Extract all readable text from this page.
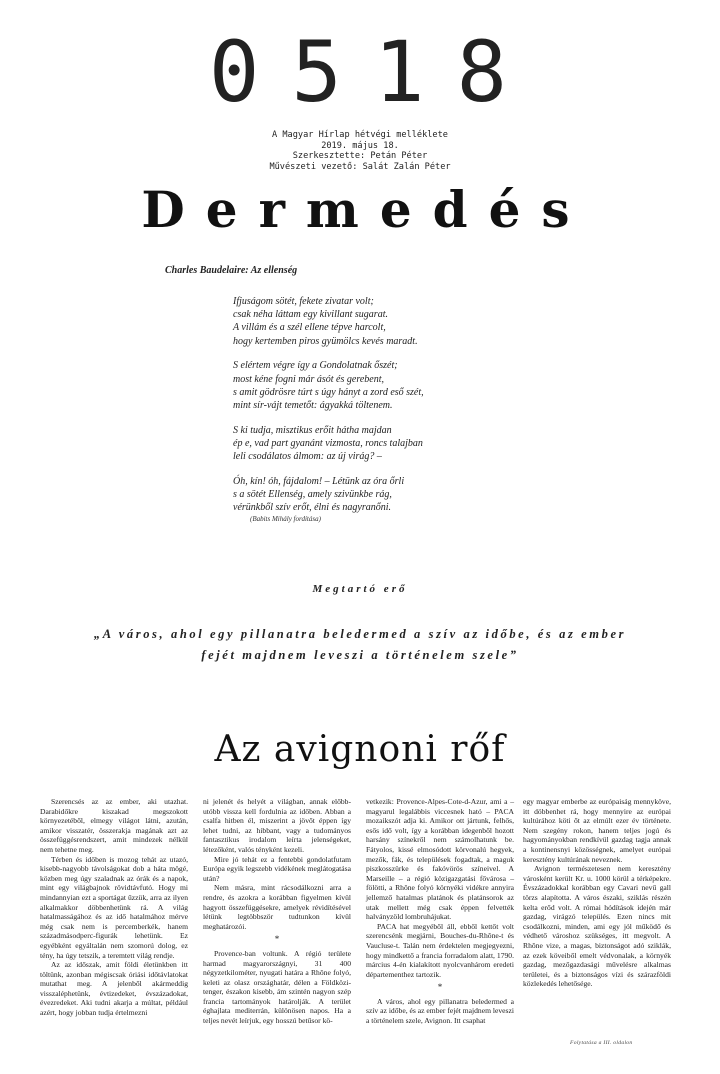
0518
A Magyar Hírlap hétvégi melléklete
2019. május 18.
Szerkesztette: Petán Péter
Művészeti vezető: Salát Zalán Péter
Dermedés
Charles Baudelaire: Az ellenség
Ifjuságom sötét, fekete zivatar volt;
csak néha láttam egy kivillant sugarat.
A villám és a szél ellene tépve harcolt,
hogy kertemben piros gyümölcs kevés maradt.
S elértem végre így a Gondolatnak őszét;
most kéne fogni már ásót és gerebent,
s amit gödrösre túrt s úgy hányt a zord eső szét,
mint sír-vájt temetőt: ágyakká töltenem.
S ki tudja, misztikus erőit hátha majdan
ép e, vad part gyanánt vizmosta, roncs talajban
leli csodálatos álmom: az új virág? –
Óh, kín! óh, fájdalom! – Létünk az óra őrli
s a sötét Ellenség, amely szivünkbe rág,
vérünkből szív erőt, élni és nagyranőni.
(Babits Mihály fordítása)
Megtartó erő
„A város, ahol egy pillanatra beledermed a szív az időbe, és az ember
fejét majdnem leveszi a történelem szele”
Az avignoni rőf

Szerencsés az az ember, aki utazhat. Darabidőkre kiszakad megszokott környezetéből, elmegy világot látni, azután, amikor visszatér, összerakja magának azt az összefüggésrendszert, amit mindezek nélkül nem tehetne meg.

Térben és időben is mozog tehát az utazó, kisebb-nagyobb távolságokat dob a háta mögé, közben meg úgy szaladnak az órák és a napok, mint egy világbajnok rövidtávfutó. Hogy mi mindannyian ezt a sportágat űzzük, arra az ilyen alkalmakkor döbbenhetünk rá. A világ hatalmasságához és az idő hatalmához mérve még csak nem is percemberkék, hanem századmásodperc-figurák lehetünk. Ez egyébként egyáltalán nem szomorú dolog, ez tény, ha úgy tetszik, a teremtett világ rendje.

Az az időszak, amit földi életünkben itt töltünk, azonban mégiscsak óriási időtávlatokat mutathat meg. A jelenből akármeddig visszaléphetünk, évtizedeket, évszázadokat, évezredeket. Aki tudni akarja a múltat, például azért, hogy jobban tudja értelmezni

ni jelenét és helyét a világban, annak előbb-utóbb vissza kell fordulnia az időben. Abban a csalfa hitben él, miszerint a jövőt éppen így lehet tudni, az hibbant, vagy a tudományos fantasztikus irodalom leírta jelenségeket, létezőként, valós tényként kezeli.

Mire jó tehát ez a fentebbi gondolatfutam Európa egyik legszebb vidékének meglátogatása után?

Nem másra, mint rácsodálkozni arra a rendre, és azokra a korábban figyelmen kívül hagyott összefüggésekre, amelyek révidítésével létünk legtöbbször tudtunkon kívül meghatározói.

*

Provence-ban voltunk. A régió területe harmad magyarországnyi, 31 400 négyzetkilométer, nyugati határa a Rhône folyó, keleti az olasz országhatár, délen a Földközi-tenger, északon kisebb, ám szintén nagyon szép francia tartományok határolják. A terület éghajlata mediterrán, különösen napos. Ha a teljes nevét leírjuk, egy hosszú betűsor kö-

vetkezik: Provence-Alpes-Cote-d-Azur, ami a – magyarul legalábbis viccesnek ható – PACA mozaikszót adja ki. Amikor ott jártunk, felhős, esős idő volt, így a korábban idegenből hozott harsány színekről nem számolhatunk be. Fátyolos, kissé elmosódott körvonalú hegyek, mezők, fák, és települések fogadtak, a maguk piszkosszürke és fakóvörös színeivel. A Marseille – a régió közigazgatási fővárosa – fölötti, a Rhône folyó környéki vidékre annyira jellemző hatalmas platánok és platánsorok az utak mellett még csak éppen felvették halványzöld lombruhájukat.

PACA hat megyéből áll, ebből kettőt volt szerencsénk megjárni, Bouches-du-Rhône-t és Vaucluse-t. Talán nem érdektelen megjegyezni, hogy mindkettő a francia forradalom alatt, 1790. március 4-én kialakított nyolcvanhárom eredeti départementhez tartozik.

*

A város, ahol egy pillanatra beledermed a szív az időbe, és az ember fejét majdnem leveszi a történelem szele, Avignon. Itt csaphat

egy magyar emberbe az európaiság mennyköve, itt döbbenhet rá, hogy mennyire az európai kultúrához köti őt az elmúlt ezer év története. Nem szegény rokon, hanem teljes jogú és hagyományokban rendkívül gazdag tagja annak a kontinensnyi közösségnek, amelyet európai keresztény kultúrának neveznek.

Avignon természetesen nem keresztény városként került Kr. u. 1000 körül a térképekre. Évszázadokkal korábban egy Cavari nevű gall törzs alapította. A város északi, sziklás részén kelta erőd volt. A római hódítások idején már gazdag, virágzó település. Ezen nincs mit csodálkozni, minden, ami egy jól működő és védhető városhoz szükséges, itt megvolt. A Rhône vize, a magas, biztonságot adó sziklák, az ezek köveiből emelt védvonalak, a környék gazdag, mezőgazdasági művelésre alkalmas területei, és a biztonságos vízi és szárazföldi közlekedés lehetősége.

Folytatása a III. oldalon
